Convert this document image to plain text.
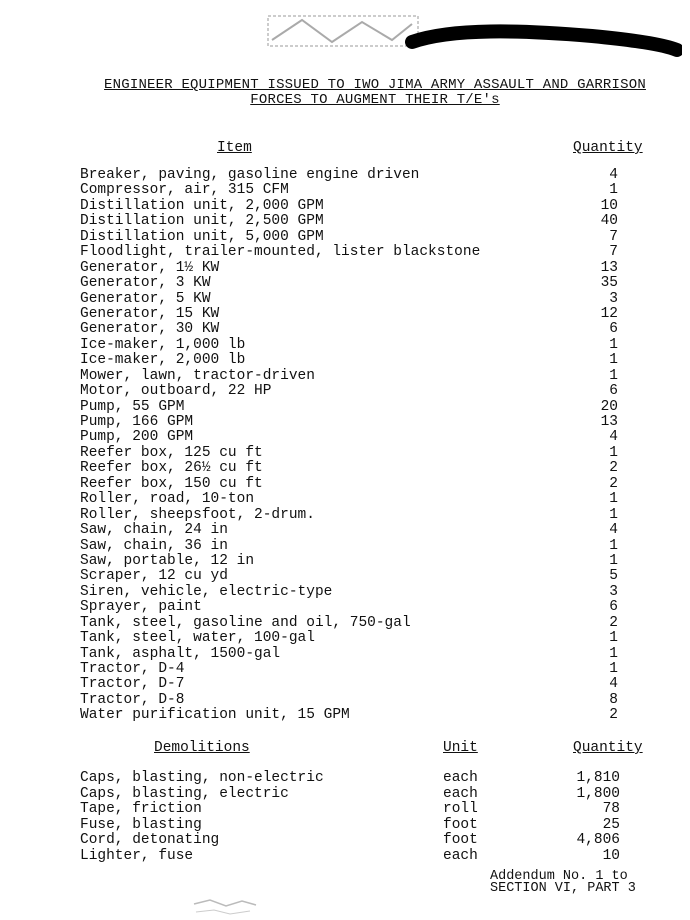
ENGINEER EQUIPMENT ISSUED TO IWO JIMA ARMY ASSAULT AND GARRISON
FORCES TO AUGMENT THEIR T/E's
Item	Quantity
Breaker, paving, gasoline engine driven	4
Compressor, air, 315 CFM	1
Distillation unit, 2,000 GPM	10
Distillation unit, 2,500 GPM	40
Distillation unit, 5,000 GPM	7
Floodlight, trailer-mounted, lister blackstone	7
Generator, 1½ KW	13
Generator, 3 KW	35
Generator, 5 KW	3
Generator, 15 KW	12
Generator, 30 KW	6
Ice-maker, 1,000 lb	1
Ice-maker, 2,000 lb	1
Mower, lawn, tractor-driven	1
Motor, outboard, 22 HP	6
Pump, 55 GPM	20
Pump, 166 GPM	13
Pump, 200 GPM	4
Reefer box, 125 cu ft	1
Reefer box, 26½ cu ft	2
Reefer box, 150 cu ft	2
Roller, road, 10-ton	1
Roller, sheepsfoot, 2-drum.	1
Saw, chain, 24 in	4
Saw, chain, 36 in	1
Saw, portable, 12 in	1
Scraper, 12 cu yd	5
Siren, vehicle, electric-type	3
Sprayer, paint	6
Tank, steel, gasoline and oil, 750-gal	2
Tank, steel, water, 100-gal	1
Tank, asphalt, 1500-gal	1
Tractor, D-4	1
Tractor, D-7	4
Tractor, D-8	8
Water purification unit, 15 GPM	2
Demolitions	Unit	Quantity
Caps, blasting, non-electric	each	1,810
Caps, blasting, electric	each	1,800
Tape, friction	roll	78
Fuse, blasting	foot	25
Cord, detonating	foot	4,806
Lighter, fuse	each	10
Addendum No. 1 to
SECTION VI, PART 3
